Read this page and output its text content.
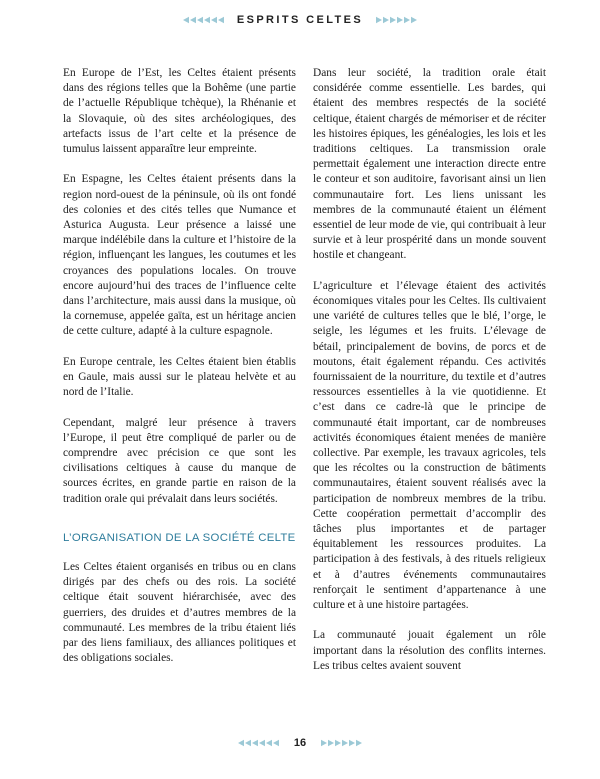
ESPRITS CELTES

En Europe de l’Est, les Celtes étaient présents dans des régions telles que la Bohême (une partie de l’actuelle République tchèque), la Rhénanie et la Slovaquie, où des sites archéologiques, des artefacts issus de l’art celte et la présence de tumulus laissent apparaître leur empreinte.

En Espagne, les Celtes étaient présents dans la region nord-ouest de la péninsule, où ils ont fondé des colonies et des cités telles que Numance et Asturica Augusta. Leur présence a laissé une marque indélébile dans la culture et l’histoire de la région, influençant les langues, les coutumes et les croyances des populations locales. On trouve encore aujourd’hui des traces de l’influence celte dans l’architecture, mais aussi dans la musique, où la cornemuse, appelée gaïta, est un héritage ancien de cette culture, adapté à la culture espagnole.

En Europe centrale, les Celtes étaient bien établis en Gaule, mais aussi sur le plateau helvète et au nord de l’Italie.

Cependant, malgré leur présence à travers l’Europe, il peut être compliqué de parler ou de comprendre avec précision ce que sont les civilisations celtiques à cause du manque de sources écrites, en grande partie en raison de la tradition orale qui prévalait dans leurs sociétés.

L’ORGANISATION DE LA SOCIÉTÉ CELTE

Les Celtes étaient organisés en tribus ou en clans dirigés par des chefs ou des rois. La société celtique était souvent hiérarchisée, avec des guerriers, des druides et d’autres membres de la communauté. Les membres de la tribu étaient liés par des liens familiaux, des alliances politiques et des obligations sociales.

Dans leur société, la tradition orale était considérée comme essentielle. Les bardes, qui étaient des membres respectés de la société celtique, étaient chargés de mémoriser et de réciter les histoires épiques, les généalogies, les lois et les traditions celtiques. La transmission orale permettait également une interaction directe entre le conteur et son auditoire, favorisant ainsi un lien communautaire fort. Les liens unissant les membres de la communauté étaient un élément essentiel de leur mode de vie, qui contribuait à leur survie et à leur prospérité dans un monde souvent hostile et changeant.

L’agriculture et l’élevage étaient des activités économiques vitales pour les Celtes. Ils cultivaient une variété de cultures telles que le blé, l’orge, le seigle, les légumes et les fruits. L’élevage de bétail, principalement de bovins, de porcs et de moutons, était également répandu. Ces activités fournissaient de la nourriture, du textile et d’autres ressources essentielles à la vie quotidienne. Et c’est dans ce cadre-là que le principe de communauté était important, car de nombreuses activités économiques étaient menées de manière collective. Par exemple, les travaux agricoles, tels que les récoltes ou la construction de bâtiments communautaires, étaient souvent réalisés avec la participation de nombreux membres de la tribu. Cette coopération permettait d’accomplir des tâches plus importantes et de partager équitablement les ressources produites. La participation à des festivals, à des rituels religieux et à d’autres événements communautaires renforçait le sentiment d’appartenance à une culture et à une histoire partagées.

La communauté jouait également un rôle important dans la résolution des conflits internes. Les tribus celtes avaient souvent

16
